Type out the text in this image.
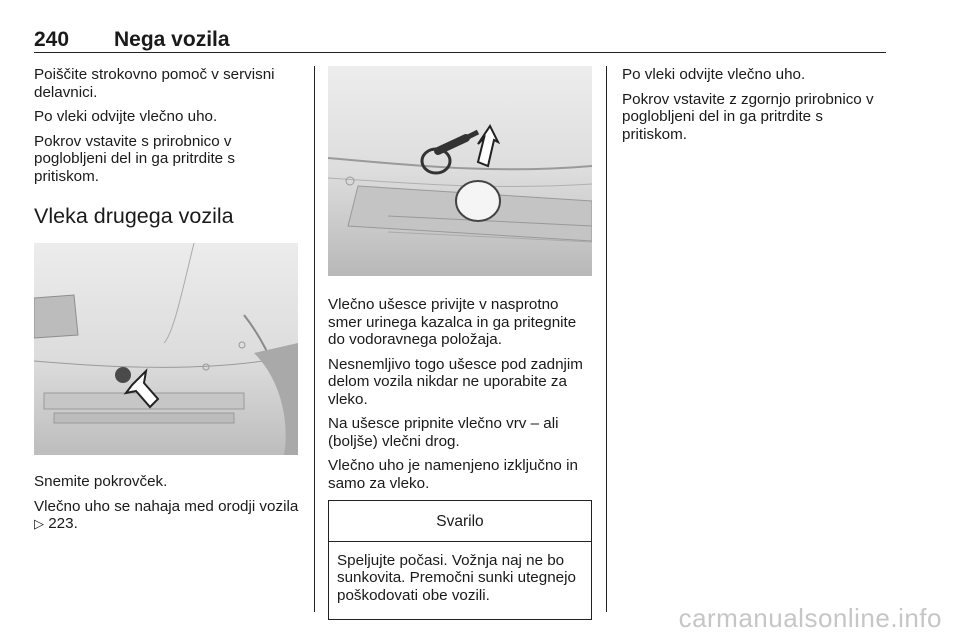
240 Nega vozila

Poiščite strokovno pomoč v servisni delavnici.

Po vleki odvijte vlečno uho.

Pokrov vstavite s prirobnico v poglobljeni del in ga pritrdite s pritiskom.

Vleka drugega vozila

Snemite pokrovček.

Vlečno uho se nahaja med orodji vozila ▷ 223.

Vlečno ušesce privijte v nasprotno smer urinega kazalca in ga pritegnite do vodoravnega položaja.

Nesnemljivo togo ušesce pod zadnjim delom vozila nikdar ne uporabite za vleko.

Na ušesce pripnite vlečno vrv – ali (boljše) vlečni drog.

Vlečno uho je namenjeno izključno in samo za vleko.

Svarilo

Speljujte počasi. Vožnja naj ne bo sunkovita. Premočni sunki utegnejo poškodovati obe vozili.

Po vleki odvijte vlečno uho.

Pokrov vstavite z zgornjo prirobnico v poglobljeni del in ga pritrdite s pritiskom.

carmanualsonline.info
